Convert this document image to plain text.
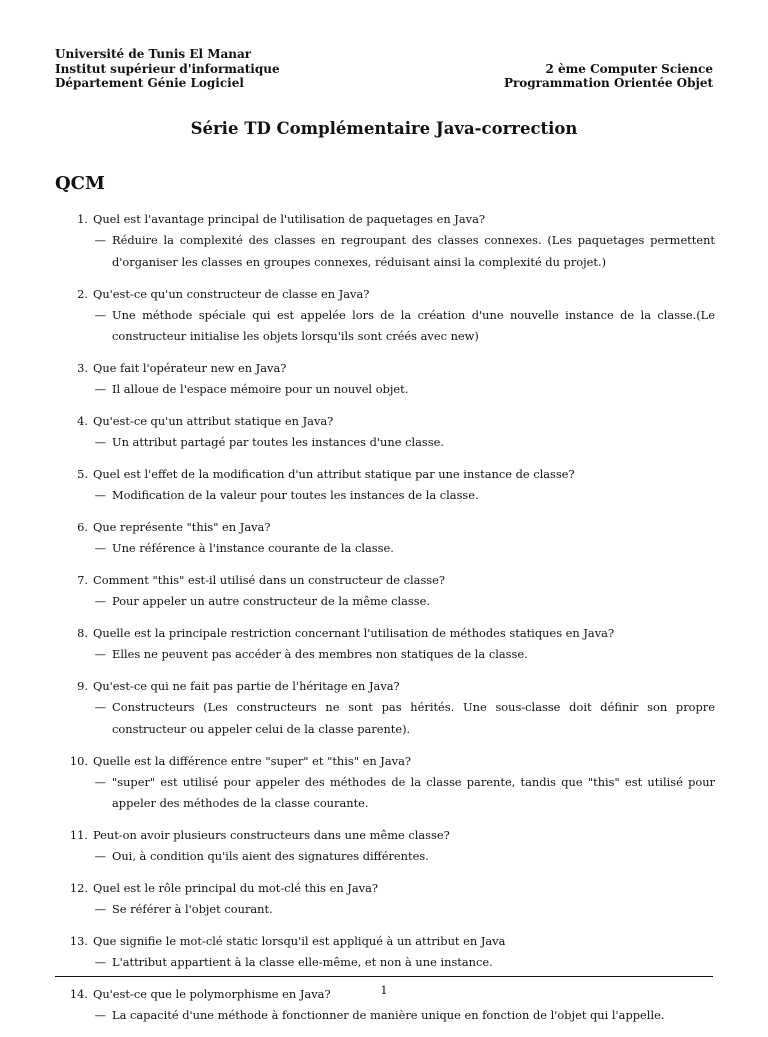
Université de Tunis El Manar
Institut supérieur d'informatique
Département Génie Logiciel
2 ème Computer Science
Programmation Orientée Objet
Série TD Complémentaire Java-correction
QCM
1. Quel est l'avantage principal de l'utilisation de paquetages en Java?
— Réduire la complexité des classes en regroupant des classes connexes. (Les paquetages permettent d'organiser les classes en groupes connexes, réduisant ainsi la complexité du projet.)
2. Qu'est-ce qu'un constructeur de classe en Java?
— Une méthode spéciale qui est appelée lors de la création d'une nouvelle instance de la classe.(Le constructeur initialise les objets lorsqu'ils sont créés avec new)
3. Que fait l'opérateur new en Java?
— Il alloue de l'espace mémoire pour un nouvel objet.
4. Qu'est-ce qu'un attribut statique en Java?
— Un attribut partagé par toutes les instances d'une classe.
5. Quel est l'effet de la modification d'un attribut statique par une instance de classe?
— Modification de la valeur pour toutes les instances de la classe.
6. Que représente "this" en Java?
— Une référence à l'instance courante de la classe.
7. Comment "this" est-il utilisé dans un constructeur de classe?
— Pour appeler un autre constructeur de la même classe.
8. Quelle est la principale restriction concernant l'utilisation de méthodes statiques en Java?
— Elles ne peuvent pas accéder à des membres non statiques de la classe.
9. Qu'est-ce qui ne fait pas partie de l'héritage en Java?
— Constructeurs (Les constructeurs ne sont pas hérités. Une sous-classe doit définir son propre constructeur ou appeler celui de la classe parente).
10. Quelle est la différence entre "super" et "this" en Java?
— "super" est utilisé pour appeler des méthodes de la classe parente, tandis que "this" est utilisé pour appeler des méthodes de la classe courante.
11. Peut-on avoir plusieurs constructeurs dans une même classe?
— Oui, à condition qu'ils aient des signatures différentes.
12. Quel est le rôle principal du mot-clé this en Java?
— Se référer à l'objet courant.
13. Que signifie le mot-clé static lorsqu'il est appliqué à un attribut en Java
— L'attribut appartient à la classe elle-même, et non à une instance.
14. Qu'est-ce que le polymorphisme en Java?
— La capacité d'une méthode à fonctionner de manière unique en fonction de l'objet qui l'appelle.
1
